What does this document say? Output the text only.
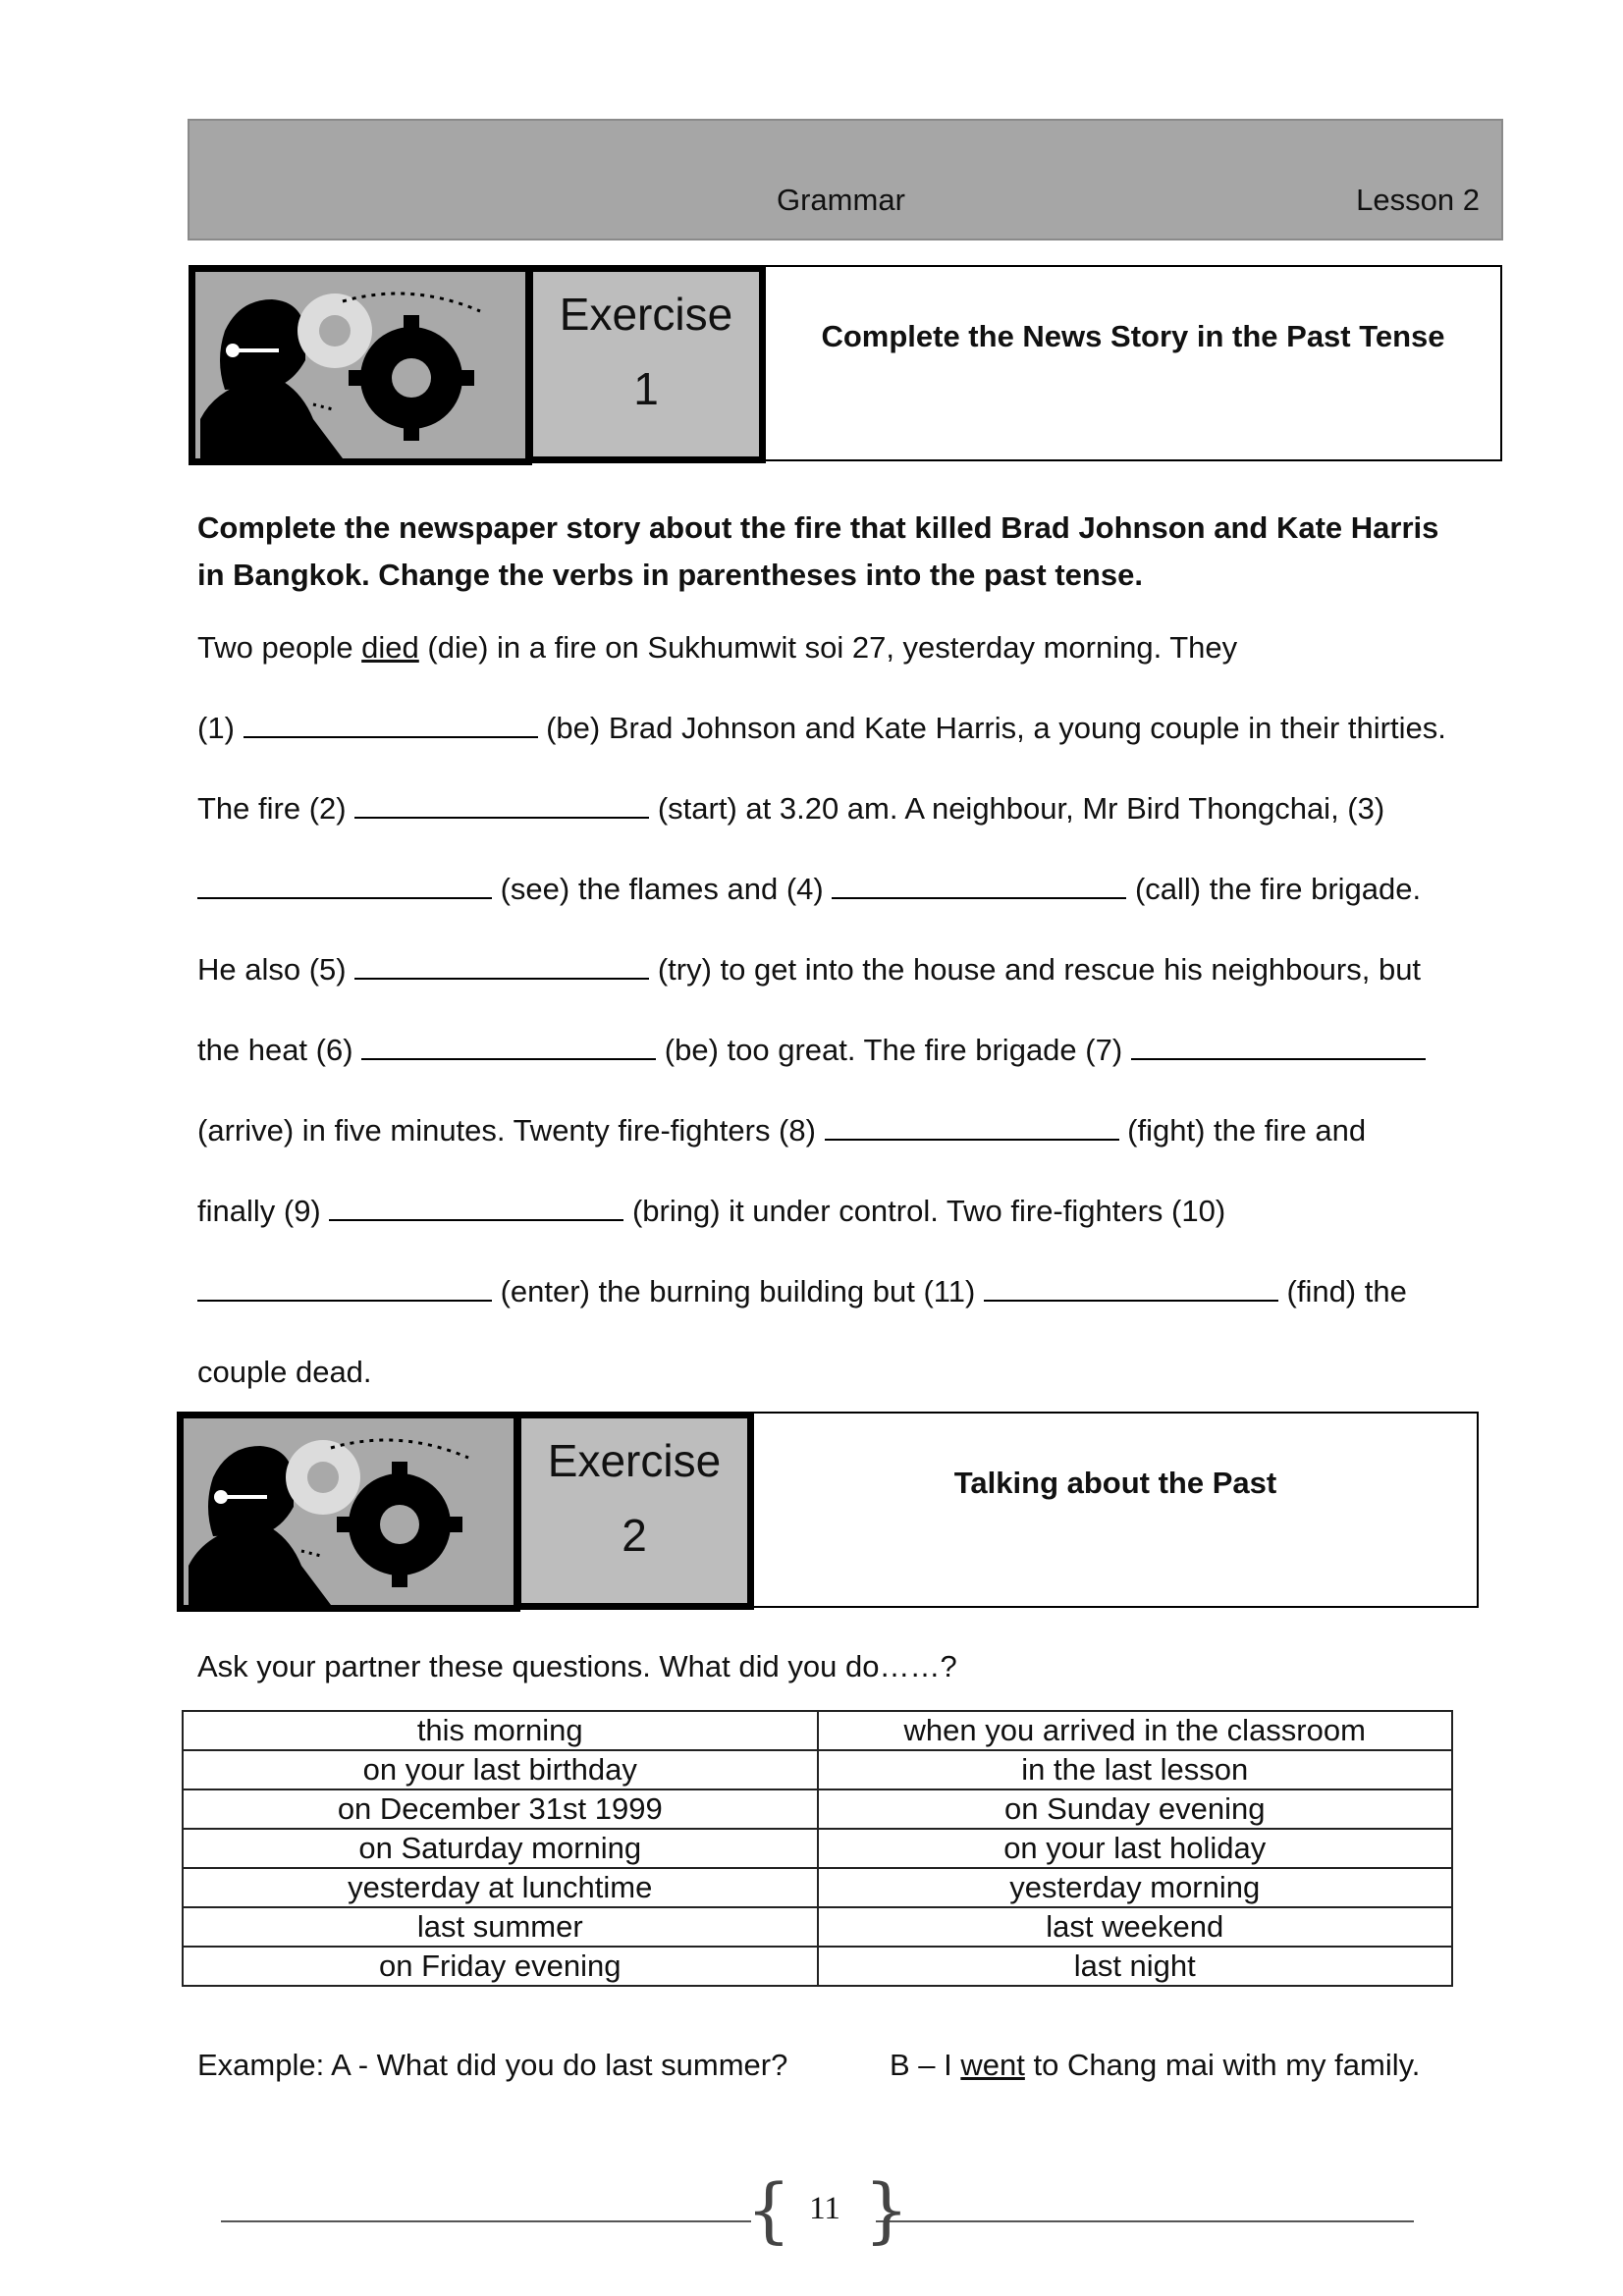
Grammar	Lesson 2
Exercise
1
Complete the News Story in the Past Tense
Complete the newspaper story about the fire that killed Brad Johnson and Kate Harris in Bangkok. Change the verbs in parentheses into the past tense.

Two people died (die) in a fire on Sukhumwit soi 27, yesterday morning. They

(1)	(be) Brad Johnson and Kate Harris, a young couple in their thirties.

The fire (2)	(start) at 3.20 am. A neighbour, Mr Bird Thongchai, (3)

(see) the flames and (4)	(call) the fire brigade.

He also (5)	(try) to get into the house and rescue his neighbours, but

the heat (6)	(be) too great. The fire brigade (7)

(arrive) in five minutes. Twenty fire-fighters (8)	(fight) the fire and

finally (9)	(bring) it under control. Two fire-fighters (10)

(enter) the burning building but (11)	(find) the

couple dead.

Exercise
2
Talking about the Past
Ask your partner these questions. What did you do……?
this morning	when you arrived in the classroom
on your last birthday	in the last lesson
on December 31st 1999	on Sunday evening
on Saturday morning	on your last holiday
yesterday at lunchtime	yesterday morning
last summer	last weekend
on Friday evening	last night
Example: A - What did you do last summer?	B – I went to Chang mai with my family.
{ }
11
